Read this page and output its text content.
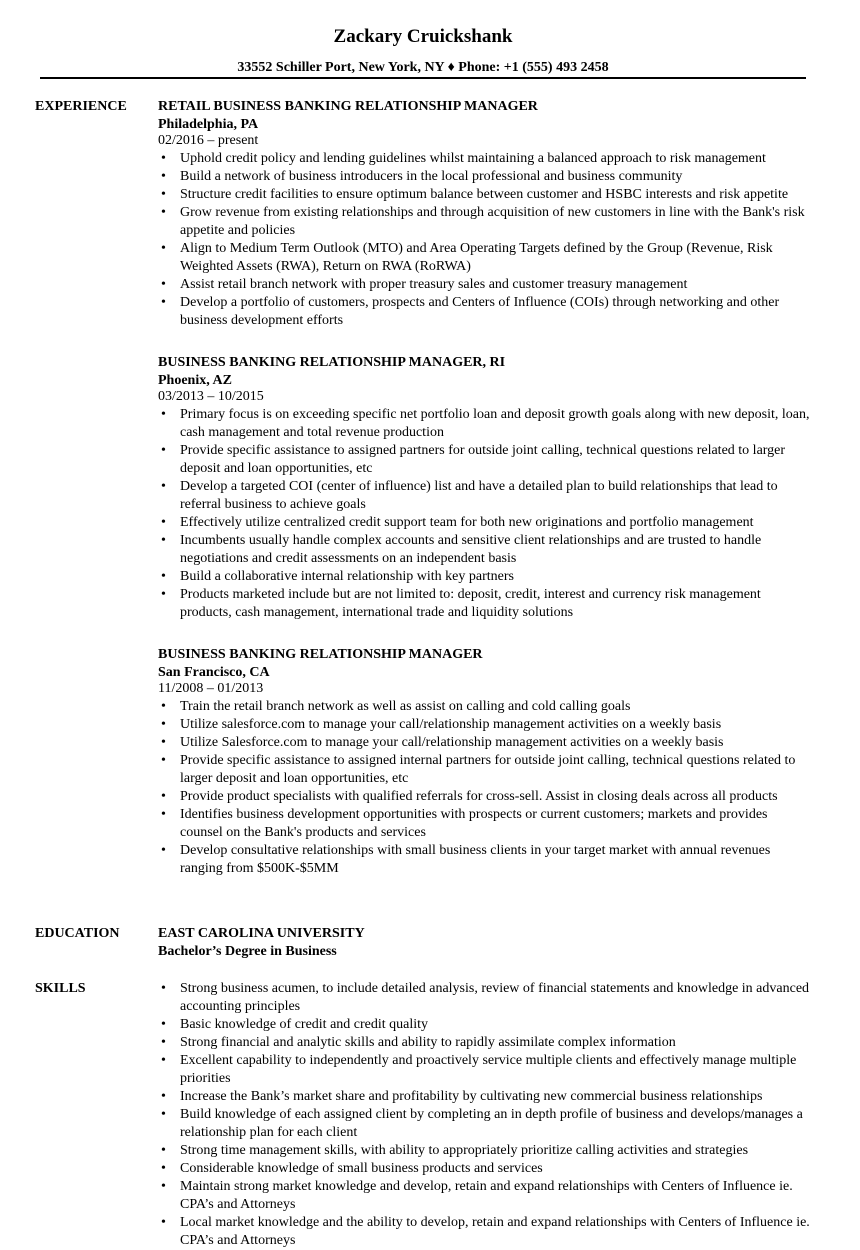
Zackary Cruickshank
33552 Schiller Port, New York, NY ♦ Phone: +1 (555) 493 2458
EXPERIENCE RETAIL BUSINESS BANKING RELATIONSHIP MANAGER
Philadelphia, PA
02/2016 – present
• Uphold credit policy and lending guidelines whilst maintaining a balanced approach to risk management
• Build a network of business introducers in the local professional and business community
• Structure credit facilities to ensure optimum balance between customer and HSBC interests and risk appetite
• Grow revenue from existing relationships and through acquisition of new customers in line with the Bank's risk appetite and policies
• Align to Medium Term Outlook (MTO) and Area Operating Targets defined by the Group (Revenue, Risk Weighted Assets (RWA), Return on RWA (RoRWA)
• Assist retail branch network with proper treasury sales and customer treasury management
• Develop a portfolio of customers, prospects and Centers of Influence (COIs) through networking and other business development efforts
BUSINESS BANKING RELATIONSHIP MANAGER, RI
Phoenix, AZ
03/2013 – 10/2015
• Primary focus is on exceeding specific net portfolio loan and deposit growth goals along with new deposit, loan, cash management and total revenue production
• Provide specific assistance to assigned partners for outside joint calling, technical questions related to larger deposit and loan opportunities, etc
• Develop a targeted COI (center of influence) list and have a detailed plan to build relationships that lead to referral business to achieve goals
• Effectively utilize centralized credit support team for both new originations and portfolio management
• Incumbents usually handle complex accounts and sensitive client relationships and are trusted to handle negotiations and credit assessments on an independent basis
• Build a collaborative internal relationship with key partners
• Products marketed include but are not limited to: deposit, credit, interest and currency risk management products, cash management, international trade and liquidity solutions
BUSINESS BANKING RELATIONSHIP MANAGER
San Francisco, CA
11/2008 – 01/2013
• Train the retail branch network as well as assist on calling and cold calling goals
• Utilize salesforce.com to manage your call/relationship management activities on a weekly basis
• Utilize Salesforce.com to manage your call/relationship management activities on a weekly basis
• Provide specific assistance to assigned internal partners for outside joint calling, technical questions related to larger deposit and loan opportunities, etc
• Provide product specialists with qualified referrals for cross-sell. Assist in closing deals across all products
• Identifies business development opportunities with prospects or current customers; markets and provides counsel on the Bank's products and services
• Develop consultative relationships with small business clients in your target market with annual revenues ranging from $500K-$5MM
EDUCATION	EAST CAROLINA UNIVERSITY
Bachelor’s Degree in Business
SKILLS	• Strong business acumen, to include detailed analysis, review of financial statements and knowledge in advanced accounting principles
• Basic knowledge of credit and credit quality
• Strong financial and analytic skills and ability to rapidly assimilate complex information
• Excellent capability to independently and proactively service multiple clients and effectively manage multiple priorities
• Increase the Bank’s market share and profitability by cultivating new commercial business relationships
• Build knowledge of each assigned client by completing an in depth profile of business and develops/manages a relationship plan for each client
• Strong time management skills, with ability to appropriately prioritize calling activities and strategies
• Considerable knowledge of small business products and services
• Maintain strong market knowledge and develop, retain and expand relationships with Centers of Influence ie. CPA’s and Attorneys
• Local market knowledge and the ability to develop, retain and expand relationships with Centers of Influence ie. CPA’s and Attorneys
